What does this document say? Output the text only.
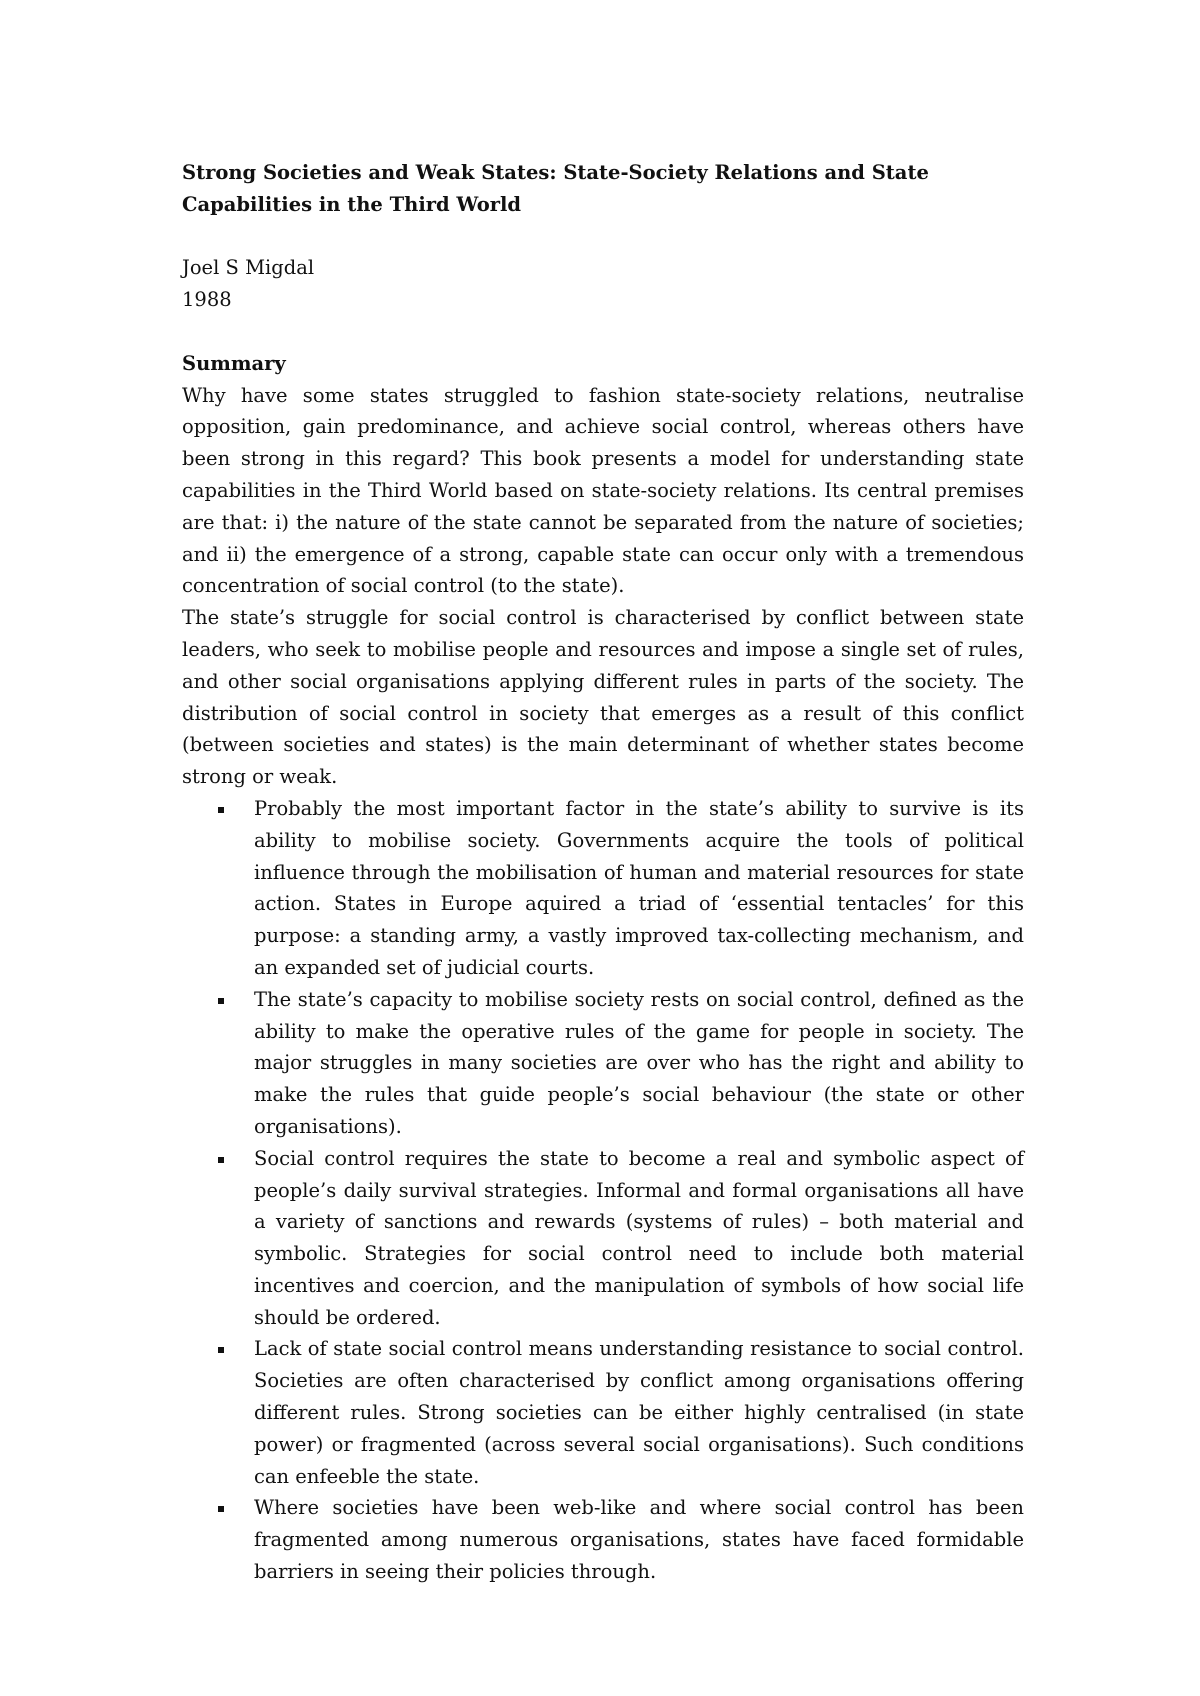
Strong Societies and Weak States: State-Society Relations and State Capabilities in the Third World
Joel S Migdal
1988
Summary
Why have some states struggled to fashion state-society relations, neutralise opposition, gain predominance, and achieve social control, whereas others have been strong in this regard? This book presents a model for understanding state capabilities in the Third World based on state-society relations. Its central premises are that: i) the nature of the state cannot be separated from the nature of societies; and ii) the emergence of a strong, capable state can occur only with a tremendous concentration of social control (to the state).
The state’s struggle for social control is characterised by conflict between state leaders, who seek to mobilise people and resources and impose a single set of rules, and other social organisations applying different rules in parts of the society. The distribution of social control in society that emerges as a result of this conflict (between societies and states) is the main determinant of whether states become strong or weak.
Probably the most important factor in the state’s ability to survive is its ability to mobilise society. Governments acquire the tools of political influence through the mobilisation of human and material resources for state action. States in Europe aquired a triad of ‘essential tentacles’ for this purpose: a standing army, a vastly improved tax-collecting mechanism, and an expanded set of judicial courts.
The state’s capacity to mobilise society rests on social control, defined as the ability to make the operative rules of the game for people in society. The major struggles in many societies are over who has the right and ability to make the rules that guide people’s social behaviour (the state or other organisations).
Social control requires the state to become a real and symbolic aspect of people’s daily survival strategies. Informal and formal organisations all have a variety of sanctions and rewards (systems of rules) – both material and symbolic. Strategies for social control need to include both material incentives and coercion, and the manipulation of symbols of how social life should be ordered.
Lack of state social control means understanding resistance to social control. Societies are often characterised by conflict among organisations offering different rules. Strong societies can be either highly centralised (in state power) or fragmented (across several social organisations). Such conditions can enfeeble the state.
Where societies have been web-like and where social control has been fragmented among numerous organisations, states have faced formidable barriers in seeing their policies through.
